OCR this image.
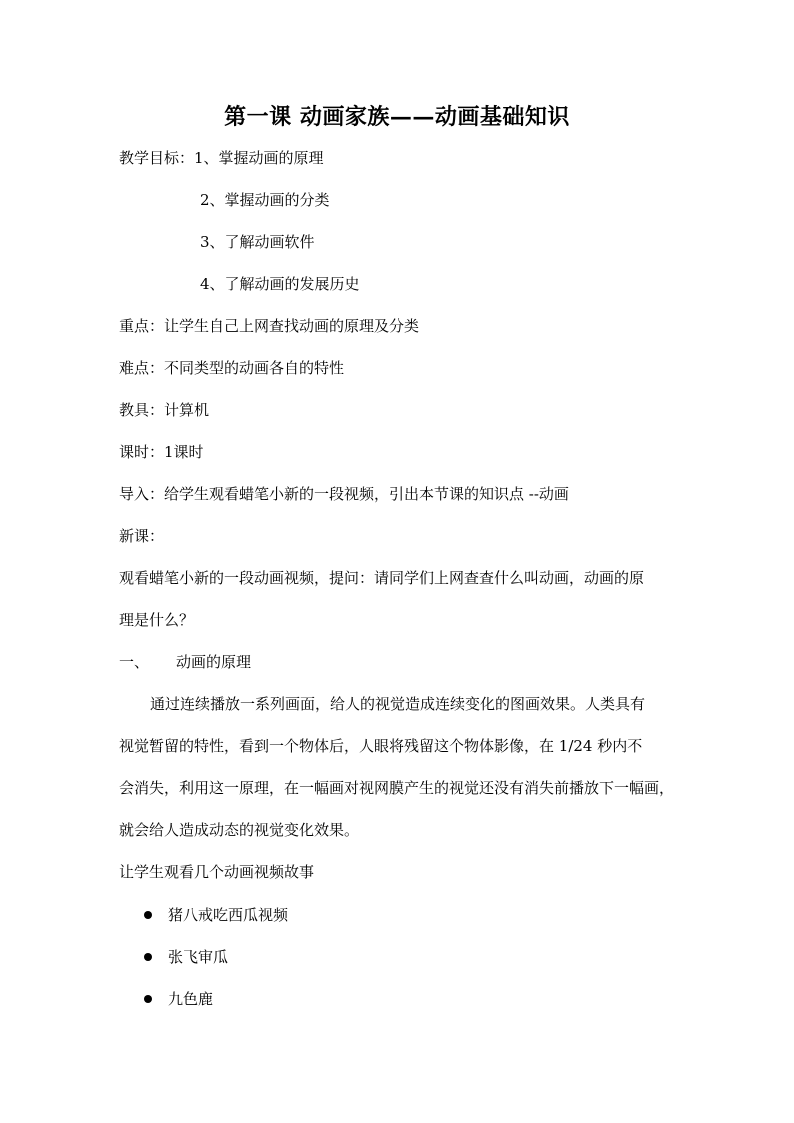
第一课 动画家族——动画基础知识
教学目标：1、掌握动画的原理
2、掌握动画的分类
3、了解动画软件
4、了解动画的发展历史
重点：让学生自己上网查找动画的原理及分类
难点：不同类型的动画各自的特性
教具：计算机
课时：1课时
导入：给学生观看蜡笔小新的一段视频，引出本节课的知识点 --动画
新课：
观看蜡笔小新的一段动画视频，提问：请同学们上网查查什么叫动画，动画的原
理是什么？
一、 动画的原理
通过连续播放一系列画面，给人的视觉造成连续变化的图画效果。人类具有
视觉暂留的特性，看到一个物体后，人眼将残留这个物体影像，在 1/24 秒内不
会消失，利用这一原理，在一幅画对视网膜产生的视觉还没有消失前播放下一幅画，
就会给人造成动态的视觉变化效果。
让学生观看几个动画视频故事
猪八戒吃西瓜视频
张飞审瓜
九色鹿
